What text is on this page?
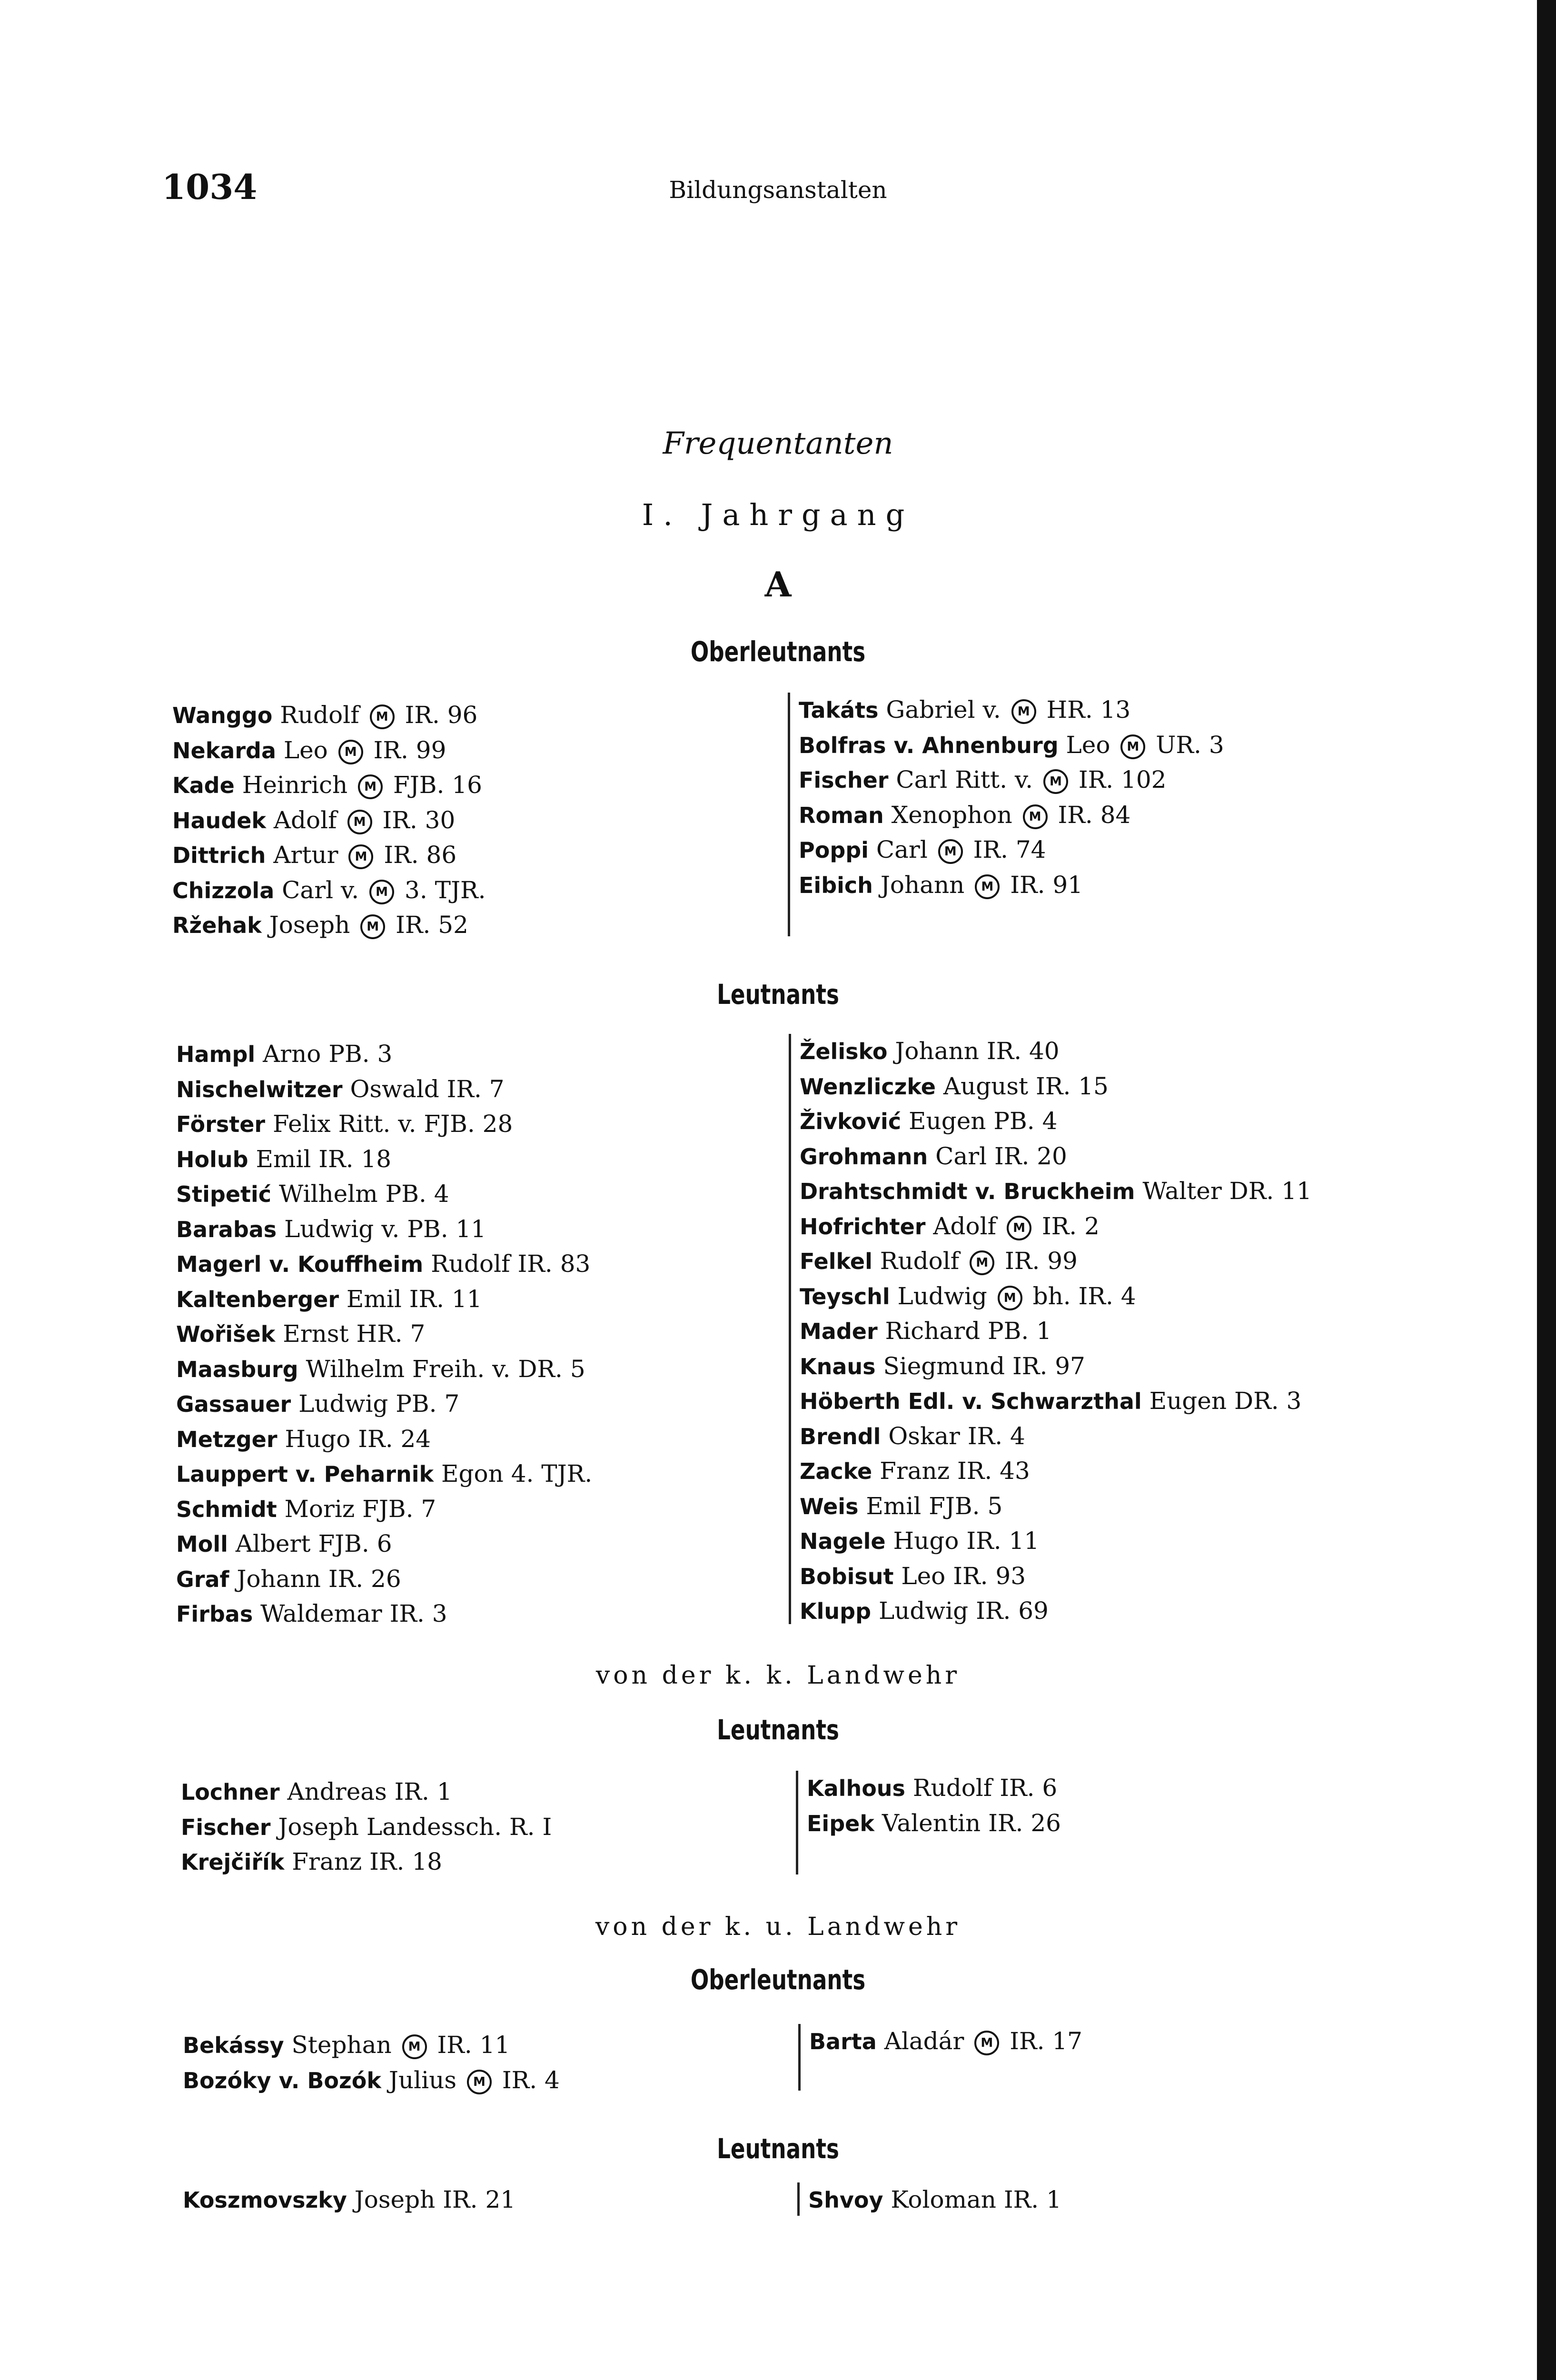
1034	Bildungsanstalten
Frequentanten
I. Jahrgang
A
Oberleutnants
Wanggo Rudolf M IR. 96
Nekarda Leo M IR. 99
Kade Heinrich M FJB. 16
Haudek Adolf M IR. 30
Dittrich Artur M IR. 86
Chizzola Carl v. M 3. TJR.
Ržehak Joseph M IR. 52
Takáts Gabriel v. M HR. 13
Bolfras v. Ahnenburg Leo M UR. 3
Fischer Carl Ritt. v. M IR. 102
Roman Xenophon M IR. 84
Poppi Carl M IR. 74
Eibich Johann M IR. 91
Leutnants
Hampl Arno PB. 3
Nischelwitzer Oswald IR. 7
Förster Felix Ritt. v. FJB. 28
Holub Emil IR. 18
Stipetić Wilhelm PB. 4
Barabas Ludwig v. PB. 11
Magerl v. Kouffheim Rudolf IR. 83
Kaltenberger Emil IR. 11
Wořišek Ernst HR. 7
Maasburg Wilhelm Freih. v. DR. 5
Gassauer Ludwig PB. 7
Metzger Hugo IR. 24
Lauppert v. Peharnik Egon 4. TJR.
Schmidt Moriz FJB. 7
Moll Albert FJB. 6
Graf Johann IR. 26
Firbas Waldemar IR. 3
Želisko Johann IR. 40
Wenzliczke August IR. 15
Živković Eugen PB. 4
Grohmann Carl IR. 20
Drahtschmidt v. Bruckheim Walter DR. 11
Hofrichter Adolf M IR. 2
Felkel Rudolf M IR. 99
Teyschl Ludwig M bh. IR. 4
Mader Richard PB. 1
Knaus Siegmund IR. 97
Höberth Edl. v. Schwarzthal Eugen DR. 3
Brendl Oskar IR. 4
Zacke Franz IR. 43
Weis Emil FJB. 5
Nagele Hugo IR. 11
Bobisut Leo IR. 93
Klupp Ludwig IR. 69
von der k. k. Landwehr
Leutnants
Lochner Andreas IR. 1
Fischer Joseph Landessch. R. I
Krejčiřík Franz IR. 18
Kalhous Rudolf IR. 6
Eipek Valentin IR. 26
von der k. u. Landwehr
Oberleutnants
Bekássy Stephan M IR. 11
Bozóky v. Bozók Julius M IR. 4
Barta Aladár M IR. 17
Leutnants
Koszmovszky Joseph IR. 21	Shvoy Koloman IR. 1
